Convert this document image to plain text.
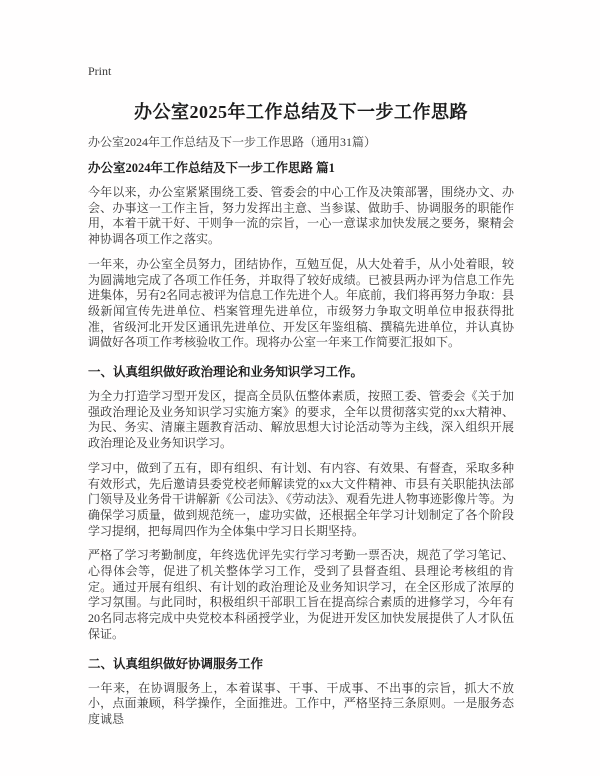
Print
办公室2025年工作总结及下一步工作思路

办公室2024年工作总结及下一步工作思路（通用31篇）

办公室2024年工作总结及下一步工作思路 篇1

今年以来，办公室紧紧围绕工委、管委会的中心工作及决策部署，围绕办文、办会、办事这一工作主旨，努力发挥出主意、当参谋、做助手、协调服务的职能作用，本着干就干好、干则争一流的宗旨，一心一意谋求加快发展之要务，聚精会神协调各项工作之落实。

一年来，办公室全员努力，团结协作，互勉互促，从大处着手，从小处着眼，较为圆满地完成了各项工作任务，并取得了较好成绩。已被县两办评为信息工作先进集体，另有2名同志被评为信息工作先进个人。年底前，我们将再努力争取：县级新闻宣传先进单位、档案管理先进单位，市级努力争取文明单位申报获得批准，省级河北开发区通讯先进单位、开发区年鉴组稿、撰稿先进单位，并认真协调做好各项工作考核验收工作。现将办公室一年来工作简要汇报如下。

一、认真组织做好政治理论和业务知识学习工作。

为全力打造学习型开发区，提高全员队伍整体素质，按照工委、管委会《关于加强政治理论及业务知识学习实施方案》的要求，全年以贯彻落实党的xx大精神、为民、务实、清廉主题教育活动、解放思想大讨论活动等为主线，深入组织开展政治理论及业务知识学习。

学习中，做到了五有，即有组织、有计划、有内容、有效果、有督查，采取多种有效形式，先后邀请县委党校老师解读党的xx大文件精神、市县有关职能执法部门领导及业务骨干讲解新《公司法》、《劳动法》、观看先进人物事迹影像片等。为确保学习质量，做到规范统一，虚功实做，还根据全年学习计划制定了各个阶段学习提纲，把每周四作为全体集中学习日长期坚持。

严格了学习考勤制度，年终选优评先实行学习考勤一票否决，规范了学习笔记、心得体会等，促进了机关整体学习工作，受到了县督查组、县理论考核组的肯定。通过开展有组织、有计划的政治理论及业务知识学习，在全区形成了浓厚的学习氛围。与此同时，积极组织干部职工旨在提高综合素质的进修学习，今年有20名同志将完成中央党校本科函授学业，为促进开发区加快发展提供了人才队伍保证。

二、认真组织做好协调服务工作

一年来，在协调服务上，本着谋事、干事、干成事、不出事的宗旨，抓大不放小，点面兼顾，科学操作，全面推进。工作中，严格坚持三条原则。一是服务态度诚恳
